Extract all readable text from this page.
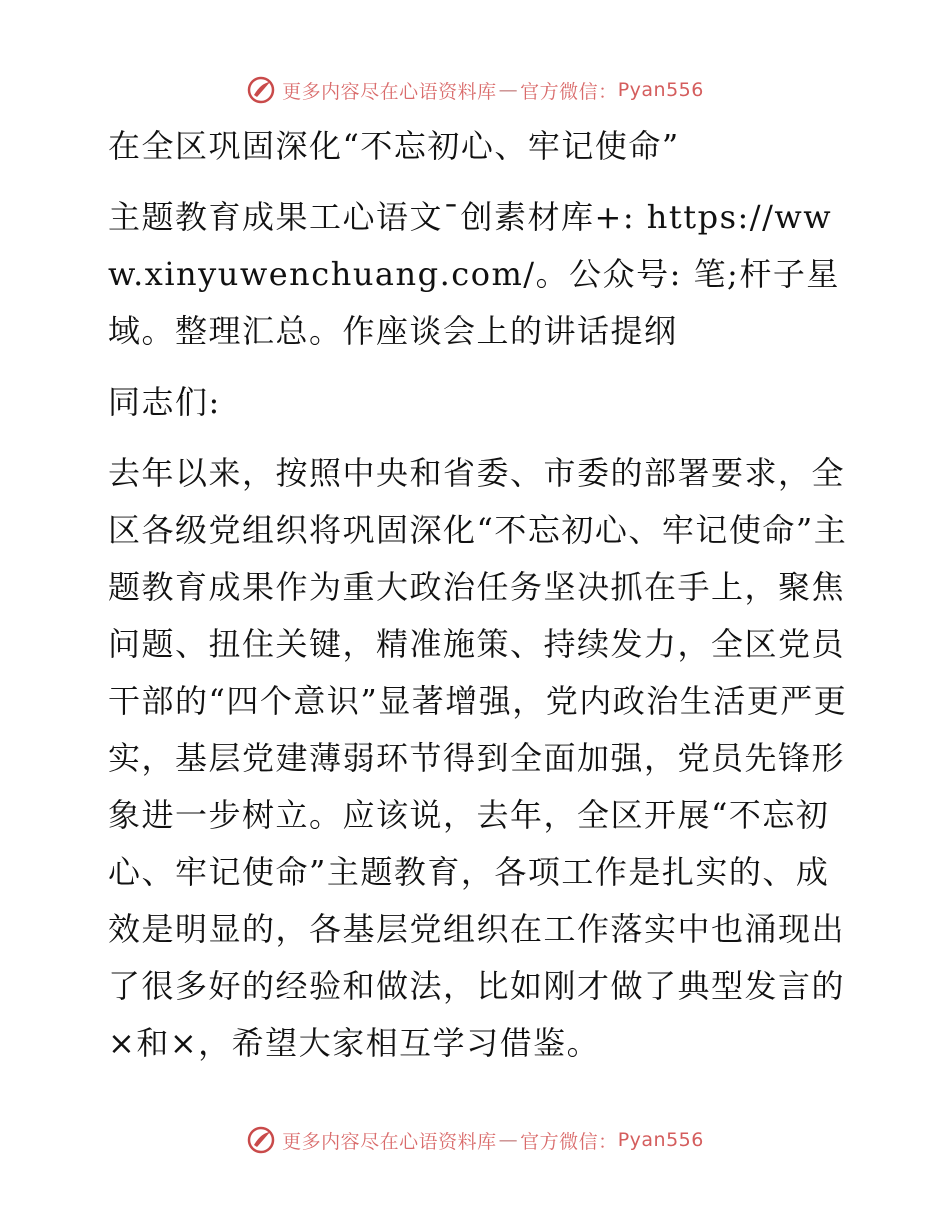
更多内容尽在心语资料库 — 官方微信： Pyan556

在全区巩固深化“不忘初心、牢记使命”

主题教育成果工心语文¯创素材库+: https://www.xinyuwenchuang.com/。公众号: 笔;杆子星域。整理汇总。作座谈会上的讲话提纲

同志们:

去年以来，按照中央和省委、市委的部署要求，全区各级党组织将巩固深化“不忘初心、牢记使命”主题教育成果作为重大政治任务坚决抓在手上，聚焦问题、扭住关键，精准施策、持续发力，全区党员干部的“四个意识”显著增强，党内政治生活更严更实，基层党建薄弱环节得到全面加强，党员先锋形象进一步树立。应该说，去年，全区开展“不忘初心、牢记使命”主题教育，各项工作是扎实的、成效是明显的，各基层党组织在工作落实中也涌现出了很多好的经验和做法，比如刚才做了典型发言的×和×，希望大家相互学习借鉴。

更多内容尽在心语资料库 — 官方微信： Pyan556
